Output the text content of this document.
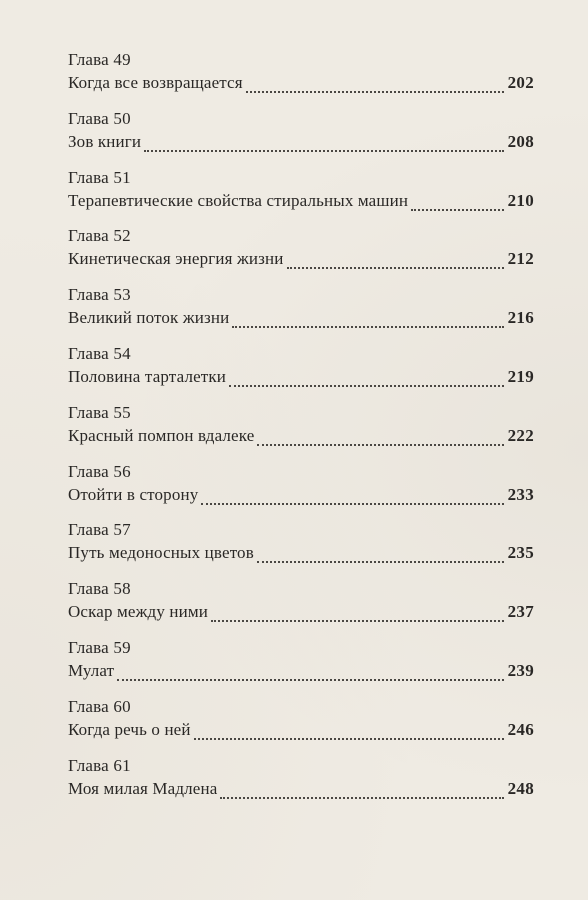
Глава 49
Когда все возвращается	202
Глава 50
Зов книги	208
Глава 51
Терапевтические свойства стиральных машин	210
Глава 52
Кинетическая энергия жизни	212
Глава 53
Великий поток жизни	216
Глава 54
Половина тарталетки	219
Глава 55
Красный помпон вдалеке	222
Глава 56
Отойти в сторону	233
Глава 57
Путь медоносных цветов	235
Глава 58
Оскар между ними	237
Глава 59
Мулат	239
Глава 60
Когда речь о ней	246
Глава 61
Моя милая Мадлена	248
